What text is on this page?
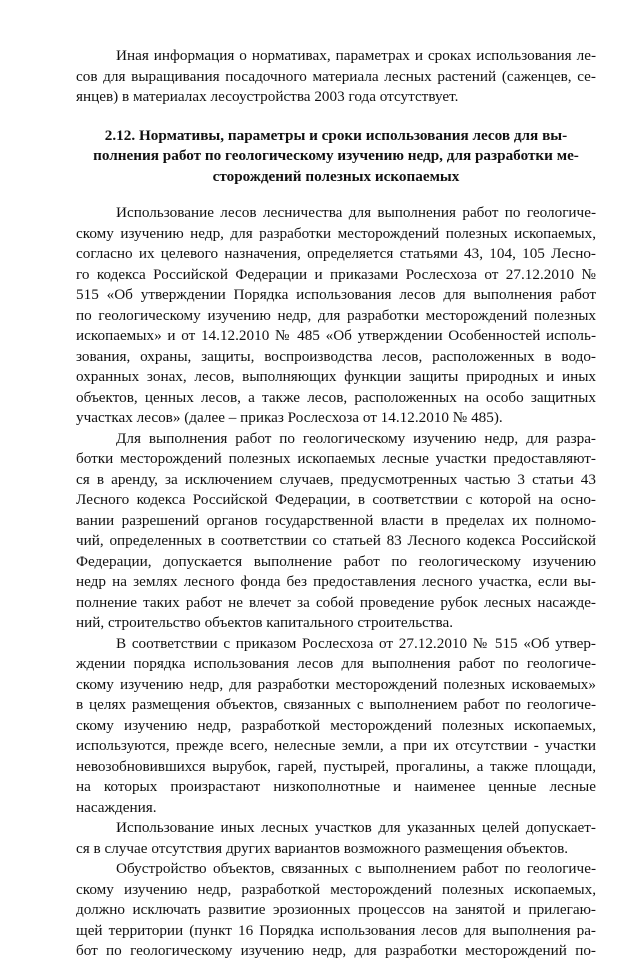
Иная информация о нормативах, параметрах и сроках использования ле-
сов для выращивания посадочного материала лесных растений (саженцев, се-
янцев) в материалах лесоустройства 2003 года отсутствует.
2.12. Нормативы, параметры и сроки использования лесов для вы-
полнения работ по геологическому изучению недр, для разработки ме-
сторождений полезных ископаемых
Использование лесов лесничества для выполнения работ по геологиче-
скому изучению недр, для разработки месторождений полезных ископаемых,
согласно их целевого назначения, определяется статьями 43, 104, 105 Лесно-
го кодекса Российской Федерации и приказами Рослесхоза от 27.12.2010 №
515 «Об утверждении Порядка использования лесов для выполнения работ
по геологическому изучению недр, для разработки месторождений полезных
ископаемых» и от 14.12.2010 № 485 «Об утверждении Особенностей исполь-
зования, охраны, защиты, воспроизводства лесов, расположенных в водо-
охранных зонах, лесов, выполняющих функции защиты природных и иных
объектов, ценных лесов, а также лесов, расположенных на особо защитных
участках лесов» (далее – приказ Рослесхоза от 14.12.2010 № 485).
Для выполнения работ по геологическому изучению недр, для разра-
ботки месторождений полезных ископаемых лесные участки предоставляют-
ся в аренду, за исключением случаев, предусмотренных частью 3 статьи 43
Лесного кодекса Российской Федерации, в соответствии с которой на осно-
вании разрешений органов государственной власти в пределах их полномо-
чий, определенных в соответствии со статьей 83 Лесного кодекса Российской
Федерации, допускается выполнение работ по геологическому изучению
недр на землях лесного фонда без предоставления лесного участка, если вы-
полнение таких работ не влечет за собой проведение рубок лесных насажде-
ний, строительство объектов капитального строительства.
В соответствии с приказом Рослесхоза от 27.12.2010 № 515 «Об утвер-
ждении порядка использования лесов для выполнения работ по геологиче-
скому изучению недр, для разработки месторождений полезных исковаемых»
в целях размещения объектов, связанных с выполнением работ по геологиче-
скому изучению недр, разработкой месторождений полезных ископаемых,
используются, прежде всего, нелесные земли, а при их отсутствии - участки
невозобновившихся вырубок, гарей, пустырей, прогалины, а также площади,
на которых произрастают низкополнотные и наименее ценные лесные
насаждения.
Использование иных лесных участков для указанных целей допускает-
ся в случае отсутствия других вариантов возможного размещения объектов.
Обустройство объектов, связанных с выполнением работ по геологиче-
скому изучению недр, разработкой месторождений полезных ископаемых,
должно исключать развитие эрозионных процессов на занятой и прилегаю-
щей территории (пункт 16 Порядка использования лесов для выполнения ра-
бот по геологическому изучению недр, для разработки месторождений по-
